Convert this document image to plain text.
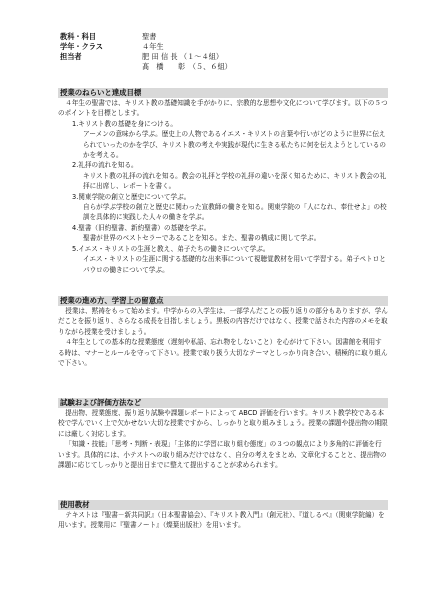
教科・科目	聖書
学年・クラス	４年生
担当者	肥 田 信 長 （１～４組）
髙　橋　　彰　（５、６組）
授業のねらいと達成目標

４年生の聖書では、キリスト教の基礎知識を手がかりに、宗教的な思想や文化について学びます。以下の５つのポイントを目標とします。

1.キリスト教の基礎を身につける。

アーメンの意味から学ぶ。歴史上の人物であるイエス・キリストの言葉や行いがどのように世界に伝えられていったのかを学び、キリスト教の考えや実践が現代に生きる私たちに何を伝えようとしているのかを考える。

2.礼拝の流れを知る。

キリスト教の礼拝の流れを知る。教会の礼拝と学校の礼拝の違いを深く知るために、キリスト教会の礼拝に出席し、レポートを書く。

3.関東学院の創立と歴史について学ぶ。

自らが学ぶ学校の創立と歴史に関わった宣教師の働きを知る。関東学院の「人になれ、奉仕せよ」の校訓を具体的に実践した人々の働きを学ぶ。

4.聖書（旧約聖書、新約聖書）の基礎を学ぶ。

聖書が世界のベストセラーであることを知る。また、聖書の構成に関して学ぶ。

5.イエス・キリストの生涯と教え、弟子たちの働きについて学ぶ。

イエス・キリストの生涯に関する基礎的な出来事について視聴覚教材を用いて学習する。弟子ペトロとパウロの働きについて学ぶ。

授業の進め方、学習上の留意点

授業は、黙祷をもって始めます。中学からの入学生は、一部学んだことの振り返りの部分もありますが、学んだことを振り返り、さらなる成長を目指しましょう。黒板の内容だけではなく、授業で話された内容のメモを取りながら授業を受けましょう。

４年生としての基本的な授業態度（遅刻や私語、忘れ物をしないこと）を心がけて下さい。図書館を利用する時は、マナーとルールを守って下さい。授業で取り扱う大切なテーマとしっかり向き合い、積極的に取り組んで下さい。

試験および評価方法など

提出物、授業態度、振り返り試験や課題レポートによって ABCD 評価を行います。キリスト教学校である本校で学んでいく上で欠かせない大切な授業ですから、しっかりと取り組みましょう。授業の課題や提出物の期限には厳しく対応します。

「知識・技能」「思考・判断・表現」「主体的に学習に取り組む態度」の３つの観点により多角的に評価を行います。具体的には、小テストへの取り組みだけではなく、自分の考えをまとめ、文章化することと、提出物の課題に応じてしっかりと提出日までに整えて提出することが求められます。

使用教材

テキストは『聖書－新共同訳』（日本聖書協会）、『キリスト教入門』（創元社）、『道しるべ』（関東学院編）を用います。授業用に『聖書ノート』（燦葉出版社）を用います。
